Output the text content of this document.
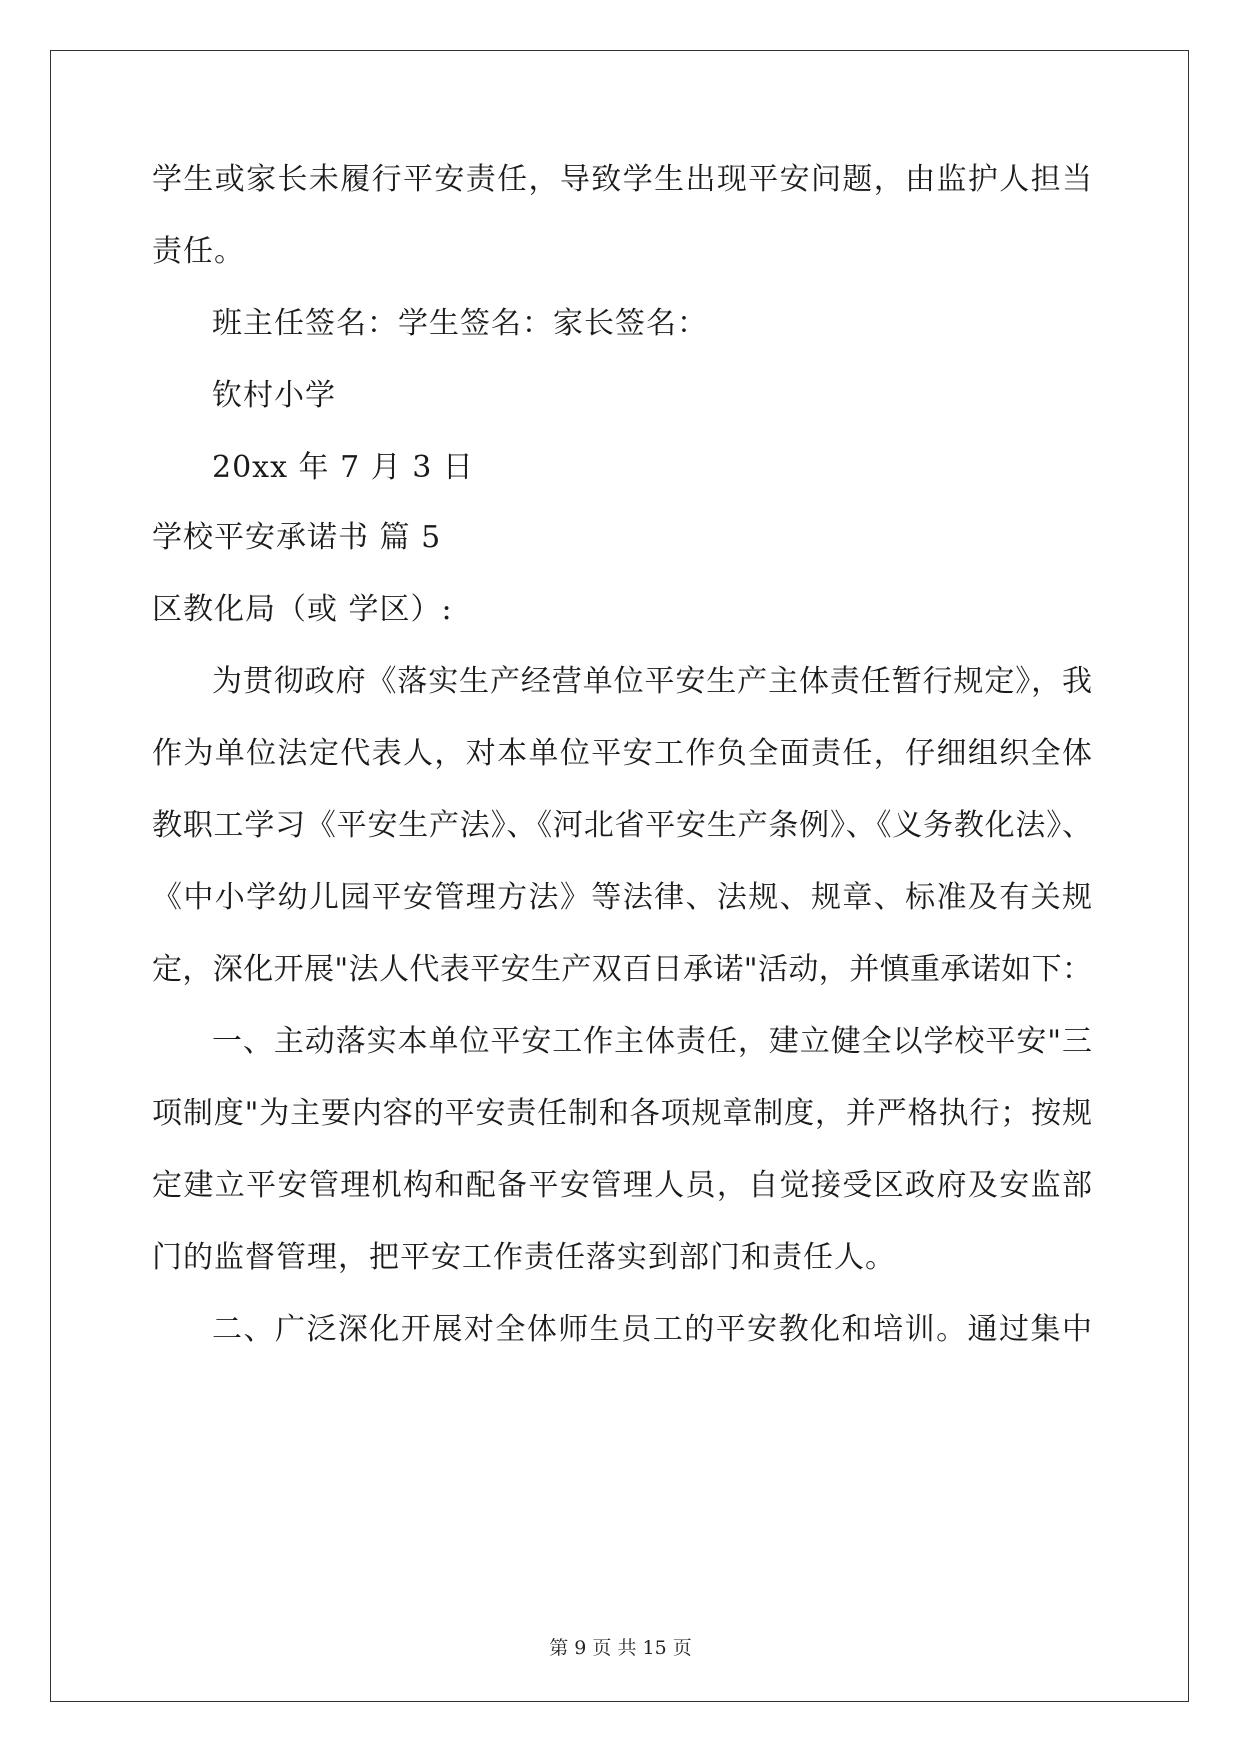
学生或家长未履行平安责任，导致学生出现平安问题，由监护人担当
责任。
班主任签名：学生签名：家长签名：
钦村小学
20xx 年 7 月 3 日
学校平安承诺书 篇 5
区教化局（或 学区）:
为贯彻政府《落实生产经营单位平安生产主体责任暂行规定》，我
作为单位法定代表人，对本单位平安工作负全面责任，仔细组织全体
教职工学习《平安生产法》、《河北省平安生产条例》、《义务教化法》、
《中小学幼儿园平安管理方法》等法律、法规、规章、标准及有关规
定，深化开展"法人代表平安生产双百日承诺"活动，并慎重承诺如下：
一、主动落实本单位平安工作主体责任，建立健全以学校平安"三
项制度"为主要内容的平安责任制和各项规章制度，并严格执行；按规
定建立平安管理机构和配备平安管理人员，自觉接受区政府及安监部
门的监督管理，把平安工作责任落实到部门和责任人。
二、广泛深化开展对全体师生员工的平安教化和培训。通过集中
第 9 页 共 15 页
